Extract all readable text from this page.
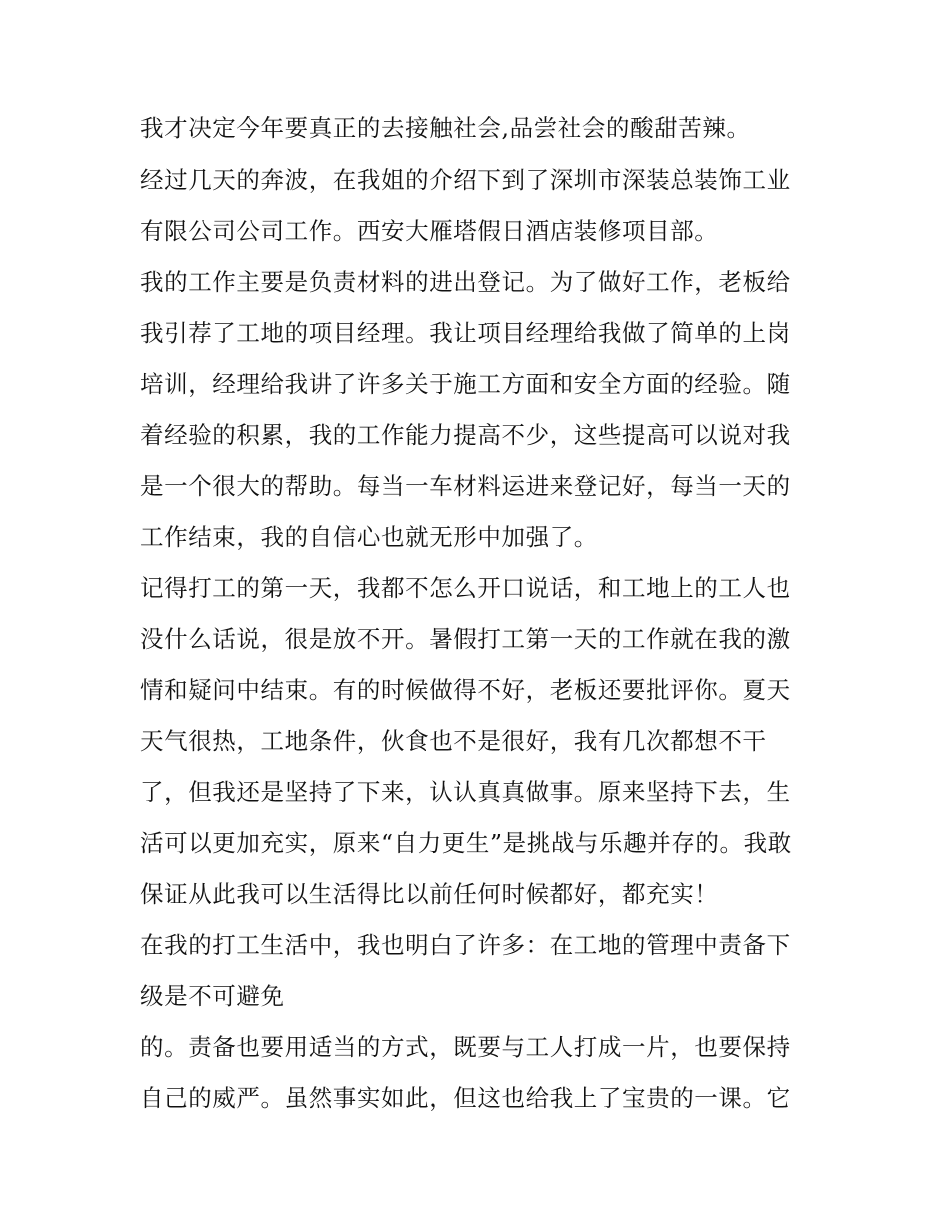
我才决定今年要真正的去接触社会,品尝社会的酸甜苦辣。
经过几天的奔波，在我姐的介绍下到了深圳市深装总装饰工业
有限公司公司工作。西安大雁塔假日酒店装修项目部。
我的工作主要是负责材料的进出登记。为了做好工作，老板给
我引荐了工地的项目经理。我让项目经理给我做了简单的上岗
培训，经理给我讲了许多关于施工方面和安全方面的经验。随
着经验的积累，我的工作能力提高不少，这些提高可以说对我
是一个很大的帮助。每当一车材料运进来登记好，每当一天的
工作结束，我的自信心也就无形中加强了。
记得打工的第一天，我都不怎么开口说话，和工地上的工人也
没什么话说，很是放不开。暑假打工第一天的工作就在我的激
情和疑问中结束。有的时候做得不好，老板还要批评你。夏天
天气很热，工地条件，伙食也不是很好，我有几次都想不干
了，但我还是坚持了下来，认认真真做事。原来坚持下去，生
活可以更加充实，原来“自力更生”是挑战与乐趣并存的。我敢
保证从此我可以生活得比以前任何时候都好，都充实！
在我的打工生活中，我也明白了许多：在工地的管理中责备下
级是不可避免
的。责备也要用适当的方式，既要与工人打成一片，也要保持
自己的威严。虽然事实如此，但这也给我上了宝贵的一课。它
